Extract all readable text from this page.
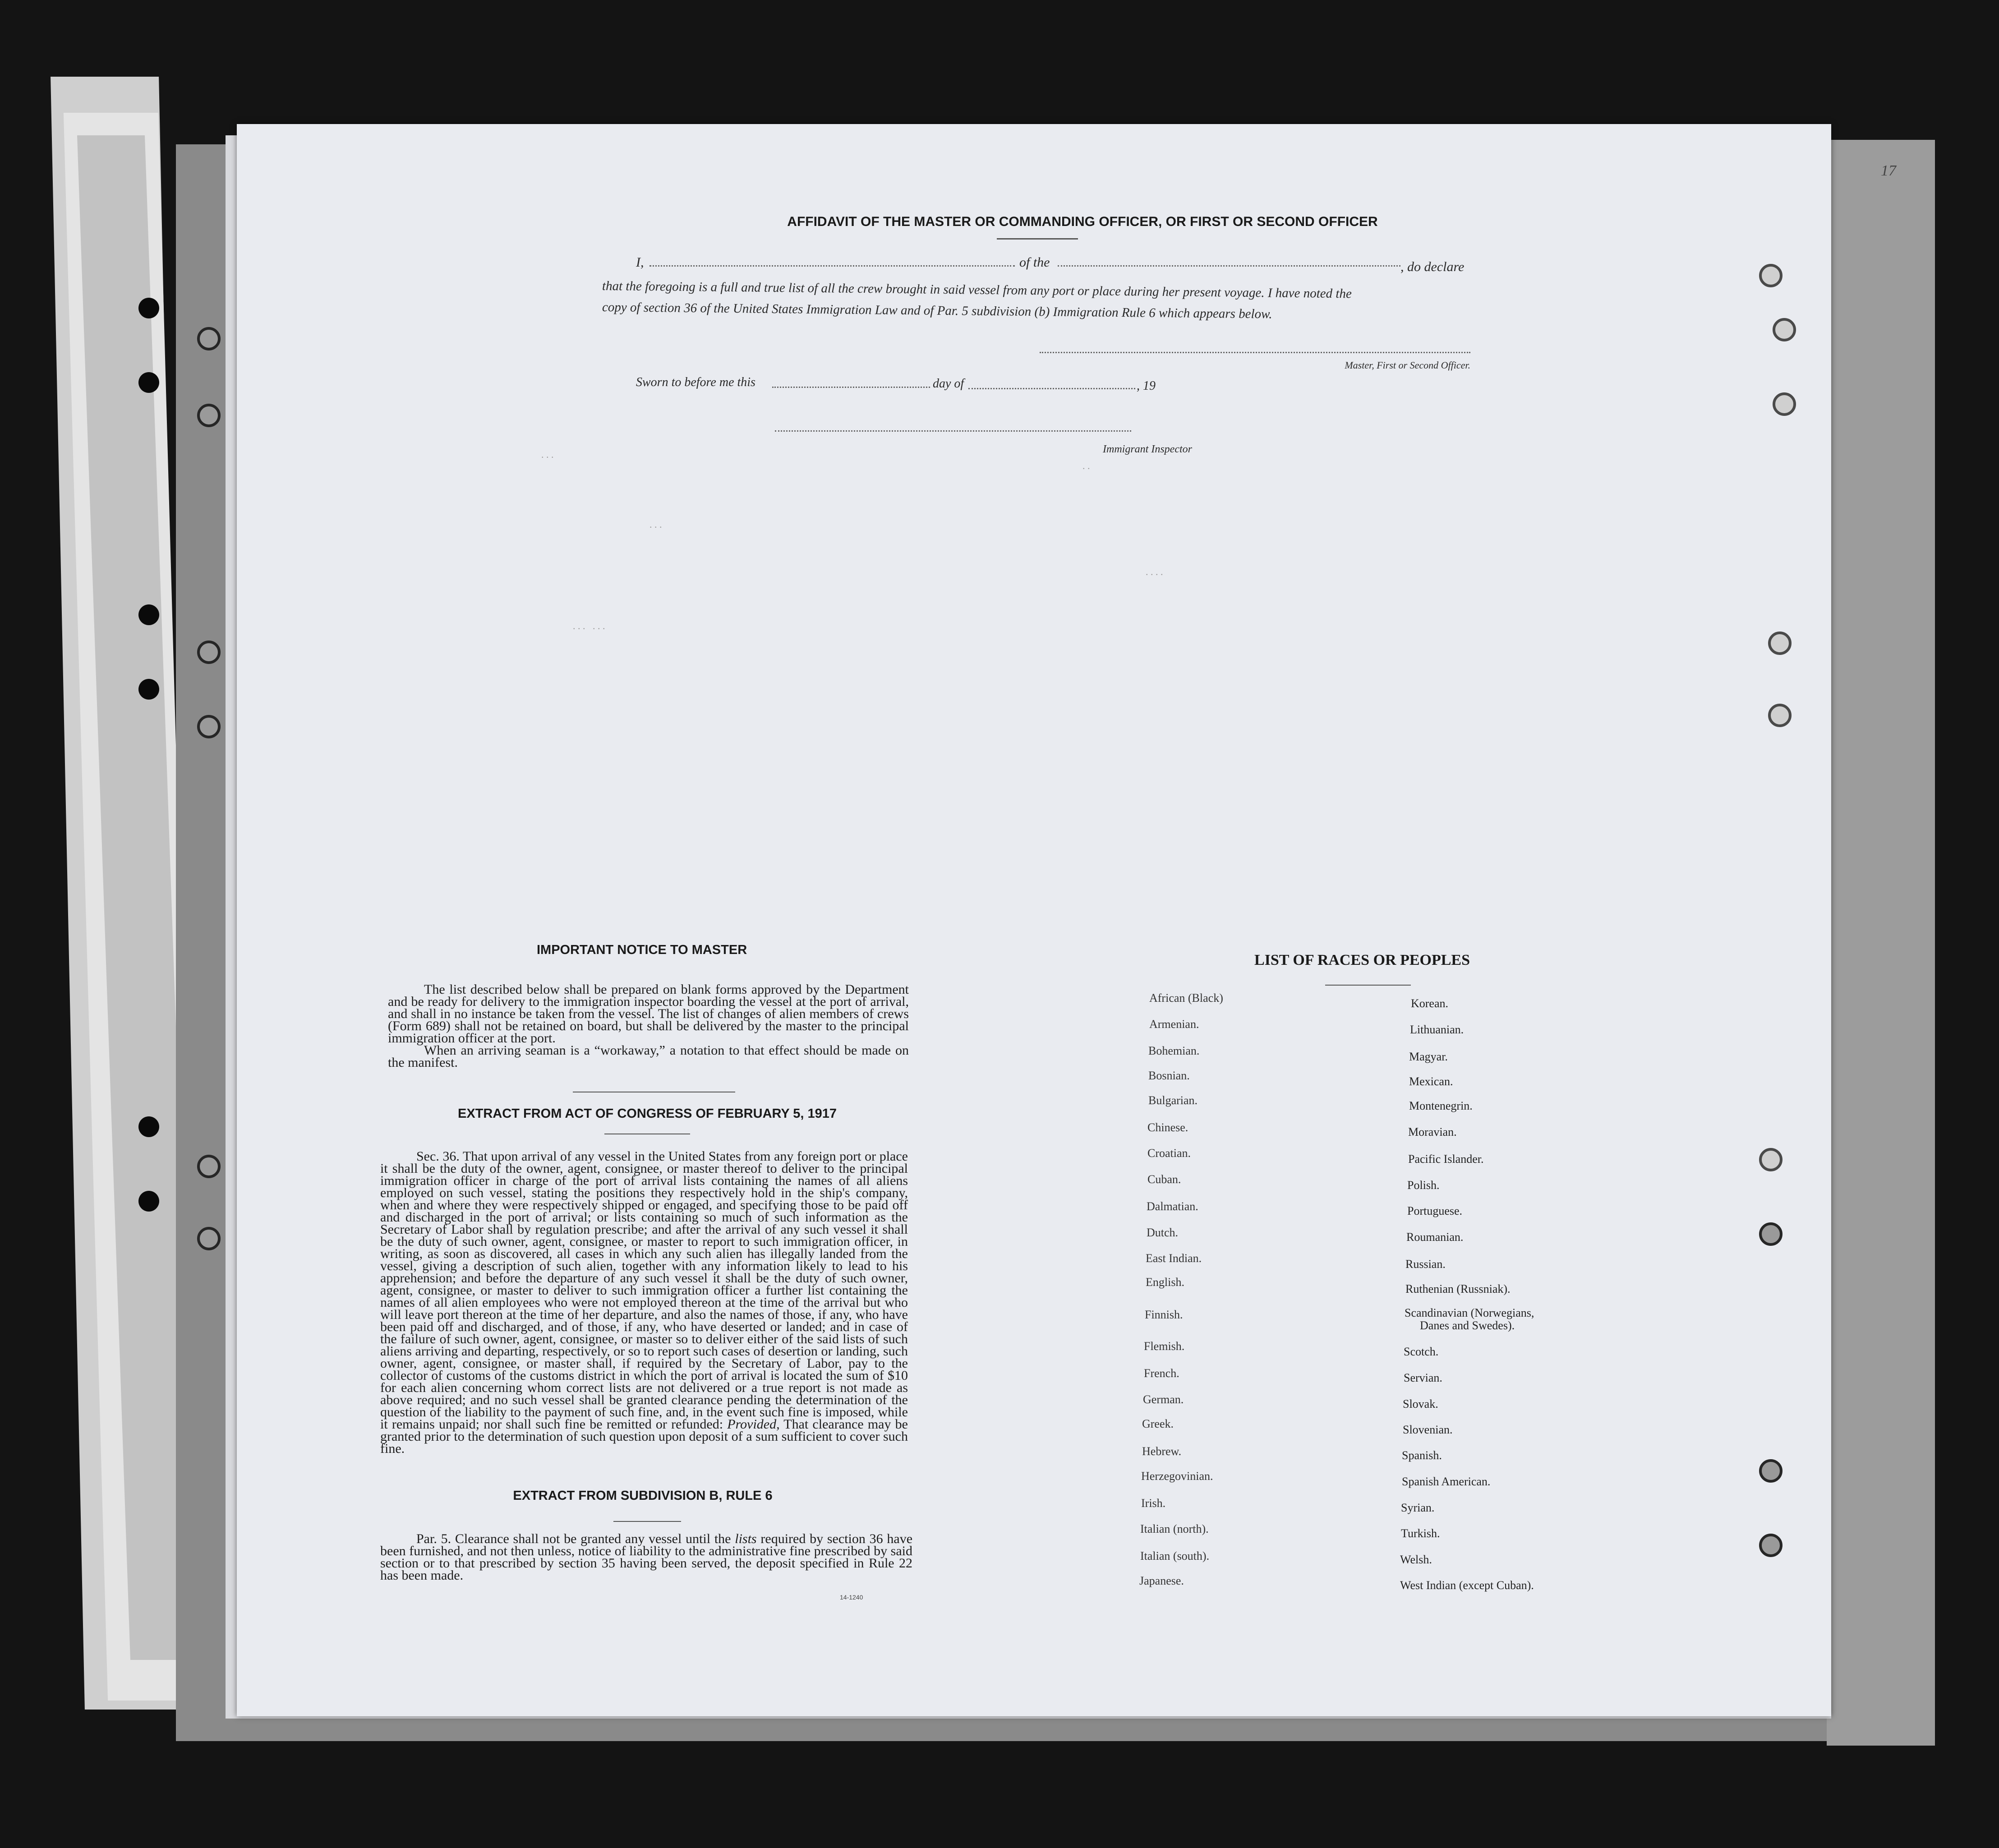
17
AFFIDAVIT OF THE MASTER OR COMMANDING OFFICER, OR FIRST OR SECOND OFFICER
I,	of the	, do declare
that the foregoing is a full and true list of all the crew brought in said vessel from any port or place during her present voyage. I have noted the
copy of section 36 of the United States Immigration Law and of Par. 5 subdivision (b) Immigration Rule 6 which appears below.
Master, First or Second Officer.
Sworn to before me this	day of	, 19
Immigrant Inspector
. . .
. . .
. . .   . . .
. . . .
. .
IMPORTANT NOTICE TO MASTER
The list described below shall be prepared on blank forms approved by the Department and be ready for delivery to the immigration inspector boarding the vessel at the port of arrival, and shall in no instance be taken from the vessel. The list of changes of alien members of crews (Form 689) shall not be retained on board, but shall be delivered by the master to the principal immigration officer at the port.
When an arriving seaman is a “workaway,” a notation to that effect should be made on the manifest.
EXTRACT FROM ACT OF CONGRESS OF FEBRUARY 5, 1917
Sec. 36. That upon arrival of any vessel in the United States from any foreign port or place it shall be the duty of the owner, agent, consignee, or master thereof to deliver to the principal immigration officer in charge of the port of arrival lists containing the names of all aliens employed on such vessel, stating the positions they respectively hold in the ship's company, when and where they were respectively shipped or engaged, and specifying those to be paid off and discharged in the port of arrival; or lists containing so much of such information as the Secretary of Labor shall by regulation prescribe; and after the arrival of any such vessel it shall be the duty of such owner, agent, consignee, or master to report to such immigration officer, in writing, as soon as discovered, all cases in which any such alien has illegally landed from the vessel, giving a description of such alien, together with any information likely to lead to his apprehension; and before the departure of any such vessel it shall be the duty of such owner, agent, consignee, or master to deliver to such immigration officer a further list containing the names of all alien employees who were not employed thereon at the time of the arrival but who will leave port thereon at the time of her departure, and also the names of those, if any, who have been paid off and discharged, and of those, if any, who have deserted or landed; and in case of the failure of such owner, agent, consignee, or master so to deliver either of the said lists of such aliens arriving and departing, respectively, or so to report such cases of desertion or landing, such owner, agent, consignee, or master shall, if required by the Secretary of Labor, pay to the collector of customs of the customs district in which the port of arrival is located the sum of $10 for each alien concerning whom correct lists are not delivered or a true report is not made as above required; and no such vessel shall be granted clearance pending the determination of the question of the liability to the payment of such fine, and, in the event such fine is imposed, while it remains unpaid; nor shall such fine be remitted or refunded: Provided, That clearance may be granted prior to the determination of such question upon deposit of a sum sufficient to cover such fine.
EXTRACT FROM SUBDIVISION B, RULE 6
Par. 5. Clearance shall not be granted any vessel until the lists required by section 36 have been furnished, and not then unless, notice of liability to the administrative fine prescribed by said section or to that prescribed by section 35 having been served, the deposit specified in Rule 22 has been made.
14-1240
LIST OF RACES OR PEOPLES
African (Black)
Armenian.
Bohemian.
Bosnian.
Bulgarian.
Chinese.
Croatian.
Cuban.
Dalmatian.
Dutch.
East Indian.
English.
Finnish.
Flemish.
French.
German.
Greek.
Hebrew.
Herzegovinian.
Irish.
Italian (north).
Italian (south).
Japanese.
Korean.
Lithuanian.
Magyar.
Mexican.
Montenegrin.
Moravian.
Pacific Islander.
Polish.
Portuguese.
Roumanian.
Russian.
Ruthenian (Russniak).
Scandinavian (Norwegians,
Danes and Swedes).
Scotch.
Servian.
Slovak.
Slovenian.
Spanish.
Spanish American.
Syrian.
Turkish.
Welsh.
West Indian (except Cuban).
